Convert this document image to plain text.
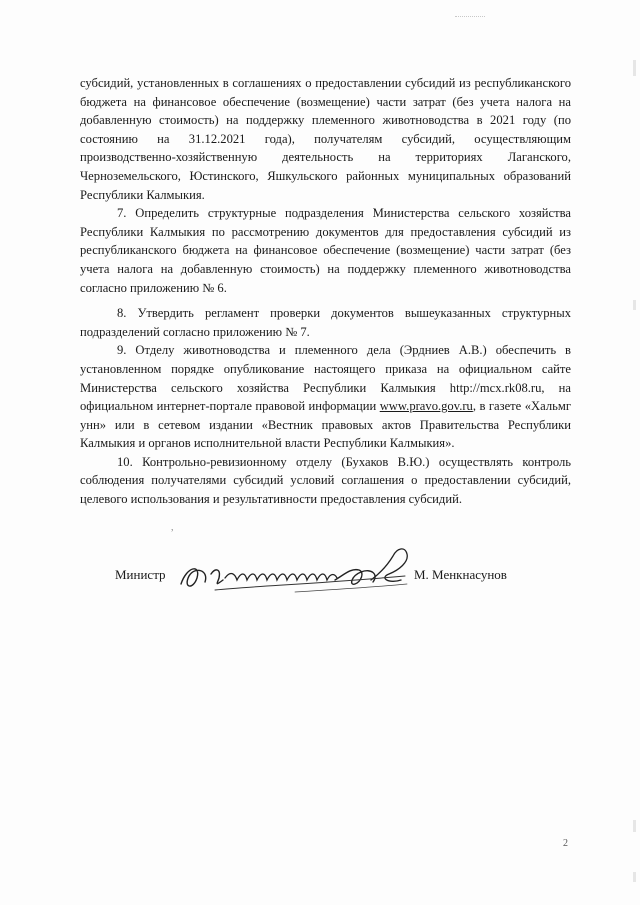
субсидий, установленных в соглашениях о предоставлении субсидий из республиканского бюджета на финансовое обеспечение (возмещение) части затрат (без учета налога на добавленную стоимость) на поддержку племенного животноводства в 2021 году (по состоянию на 31.12.2021 года), получателям субсидий, осуществляющим производственно-хозяйственную деятельность на территориях Лаганского, Черноземельского, Юстинского, Яшкульского районных муниципальных образований Республики Калмыкия.

7. Определить структурные подразделения Министерства сельского хозяйства Республики Калмыкия по рассмотрению документов для предоставления субсидий из республиканского бюджета на финансовое обеспечение (возмещение) части затрат (без учета налога на добавленную стоимость) на поддержку племенного животноводства согласно приложению № 6.

8. Утвердить регламент проверки документов вышеуказанных структурных подразделений согласно приложению № 7.

9. Отделу животноводства и племенного дела (Эрдниев А.В.) обеспечить в установленном порядке опубликование настоящего приказа на официальном сайте Министерства сельского хозяйства Республики Калмыкия http://mcx.rk08.ru, на официальном интернет-портале правовой информации www.pravo.gov.ru, в газете «Хальмг унн» или в сетевом издании «Вестник правовых актов Правительства Республики Калмыкия и органов исполнительной власти Республики Калмыкия».

10. Контрольно-ревизионному отделу (Бухаков В.Ю.) осуществлять контроль соблюдения получателями субсидий условий соглашения о предоставлении субсидий, целевого использования и результативности предоставления субсидий.

,
Министр	М. Менкнасунов
2
